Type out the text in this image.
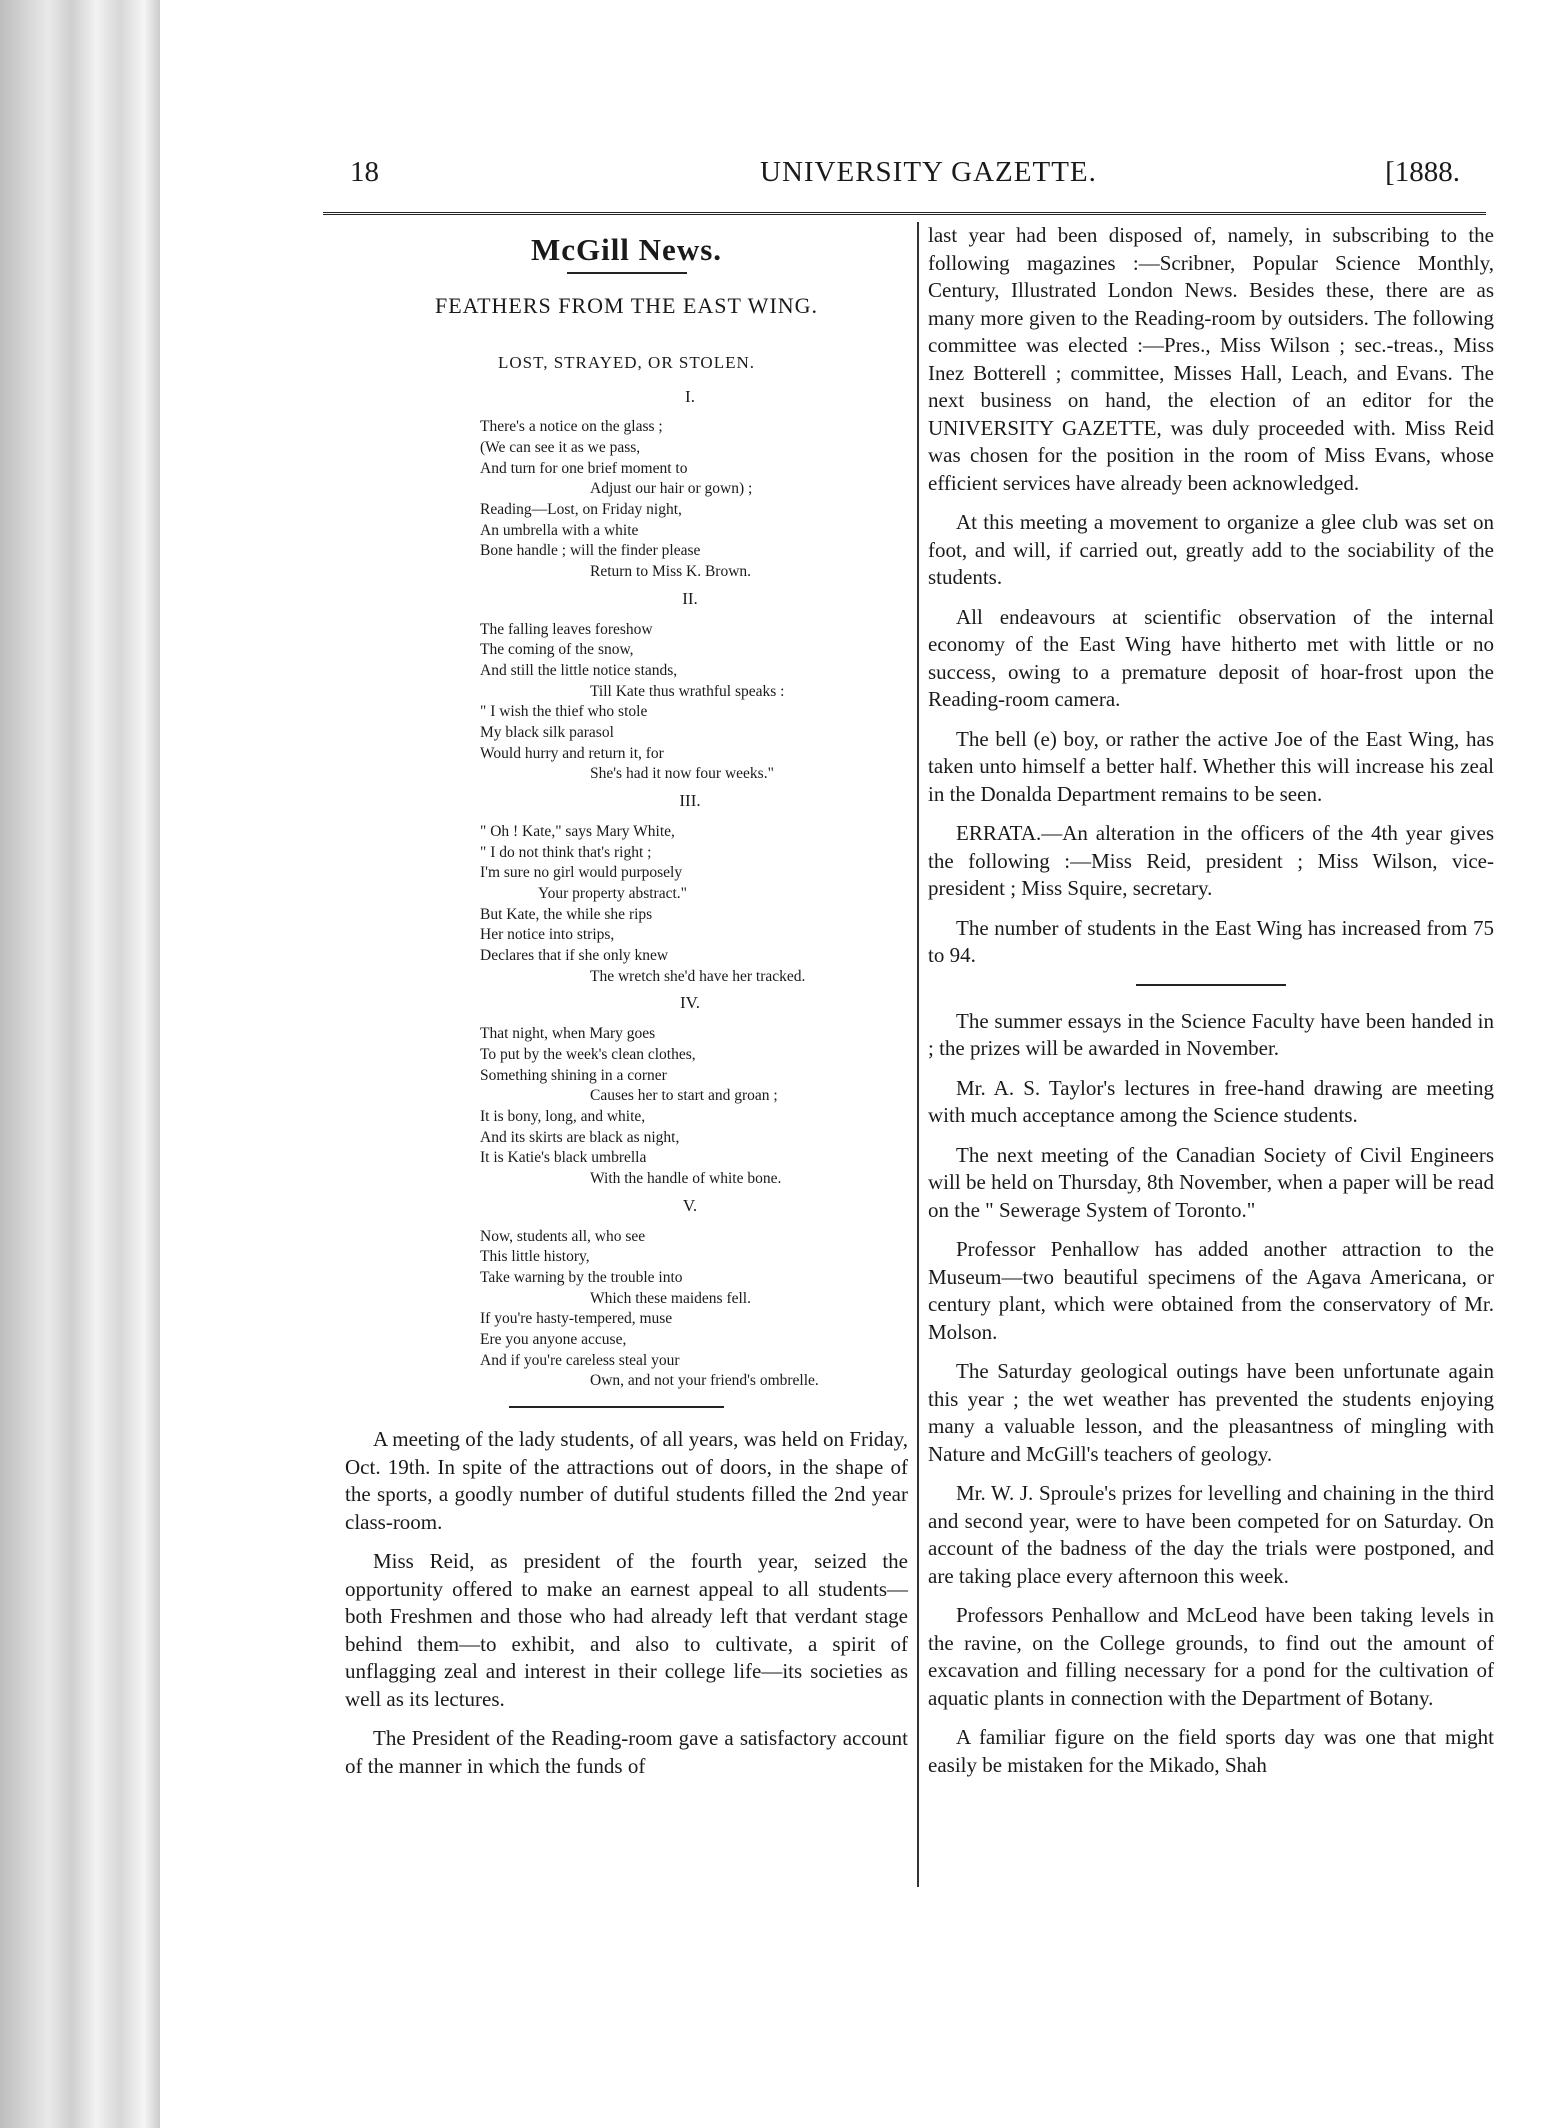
18	UNIVERSITY GAZETTE.	[1888.
McGill News.
FEATHERS FROM THE EAST WING.
LOST, STRAYED, OR STOLEN.
I.
There's a notice on the glass ;
(We can see it as we pass,
And turn for one brief moment to
Adjust our hair or gown) ;
Reading—Lost, on Friday night,
An umbrella with a white
Bone handle ; will the finder please
Return to Miss K. Brown.
II.
The falling leaves foreshow
The coming of the snow,
And still the little notice stands,
Till Kate thus wrathful speaks :
" I wish the thief who stole
My black silk parasol
Would hurry and return it, for
She's had it now four weeks."
III.
" Oh ! Kate," says Mary White,
" I do not think that's right ;
I'm sure no girl would purposely
Your property abstract."
But Kate, the while she rips
Her notice into strips,
Declares that if she only knew
The wretch she'd have her tracked.
IV.
That night, when Mary goes
To put by the week's clean clothes,
Something shining in a corner
Causes her to start and groan ;
It is bony, long, and white,
And its skirts are black as night,
It is Katie's black umbrella
With the handle of white bone.
V.
Now, students all, who see
This little history,
Take warning by the trouble into
Which these maidens fell.
If you're hasty-tempered, muse
Ere you anyone accuse,
And if you're careless steal your
Own, and not your friend's ombrelle.

A meeting of the lady students, of all years, was held on Friday, Oct. 19th. In spite of the attractions out of doors, in the shape of the sports, a goodly number of dutiful students filled the 2nd year class-room.

Miss Reid, as president of the fourth year, seized the opportunity offered to make an earnest appeal to all students—both Freshmen and those who had already left that verdant stage behind them—to exhibit, and also to cultivate, a spirit of unflagging zeal and interest in their college life—its societies as well as its lectures.

The President of the Reading-room gave a satisfactory account of the manner in which the funds of

last year had been disposed of, namely, in subscribing to the following magazines :—Scribner, Popular Science Monthly, Century, Illustrated London News. Besides these, there are as many more given to the Reading-room by outsiders. The following committee was elected :—Pres., Miss Wilson ; sec.-treas., Miss Inez Botterell ; committee, Misses Hall, Leach, and Evans. The next business on hand, the election of an editor for the UNIVERSITY GAZETTE, was duly proceeded with. Miss Reid was chosen for the position in the room of Miss Evans, whose efficient services have already been acknowledged.

At this meeting a movement to organize a glee club was set on foot, and will, if carried out, greatly add to the sociability of the students.

All endeavours at scientific observation of the internal economy of the East Wing have hitherto met with little or no success, owing to a premature deposit of hoar-frost upon the Reading-room camera.

The bell (e) boy, or rather the active Joe of the East Wing, has taken unto himself a better half. Whether this will increase his zeal in the Donalda Department remains to be seen.

ERRATA.—An alteration in the officers of the 4th year gives the following :—Miss Reid, president ; Miss Wilson, vice-president ; Miss Squire, secretary.

The number of students in the East Wing has increased from 75 to 94.

The summer essays in the Science Faculty have been handed in ; the prizes will be awarded in November.

Mr. A. S. Taylor's lectures in free-hand drawing are meeting with much acceptance among the Science students.

The next meeting of the Canadian Society of Civil Engineers will be held on Thursday, 8th November, when a paper will be read on the " Sewerage System of Toronto."

Professor Penhallow has added another attraction to the Museum—two beautiful specimens of the Agava Americana, or century plant, which were obtained from the conservatory of Mr. Molson.

The Saturday geological outings have been unfortunate again this year ; the wet weather has prevented the students enjoying many a valuable lesson, and the pleasantness of mingling with Nature and McGill's teachers of geology.

Mr. W. J. Sproule's prizes for levelling and chaining in the third and second year, were to have been competed for on Saturday. On account of the badness of the day the trials were postponed, and are taking place every afternoon this week.

Professors Penhallow and McLeod have been taking levels in the ravine, on the College grounds, to find out the amount of excavation and filling necessary for a pond for the cultivation of aquatic plants in connection with the Department of Botany.

A familiar figure on the field sports day was one that might easily be mistaken for the Mikado, Shah
